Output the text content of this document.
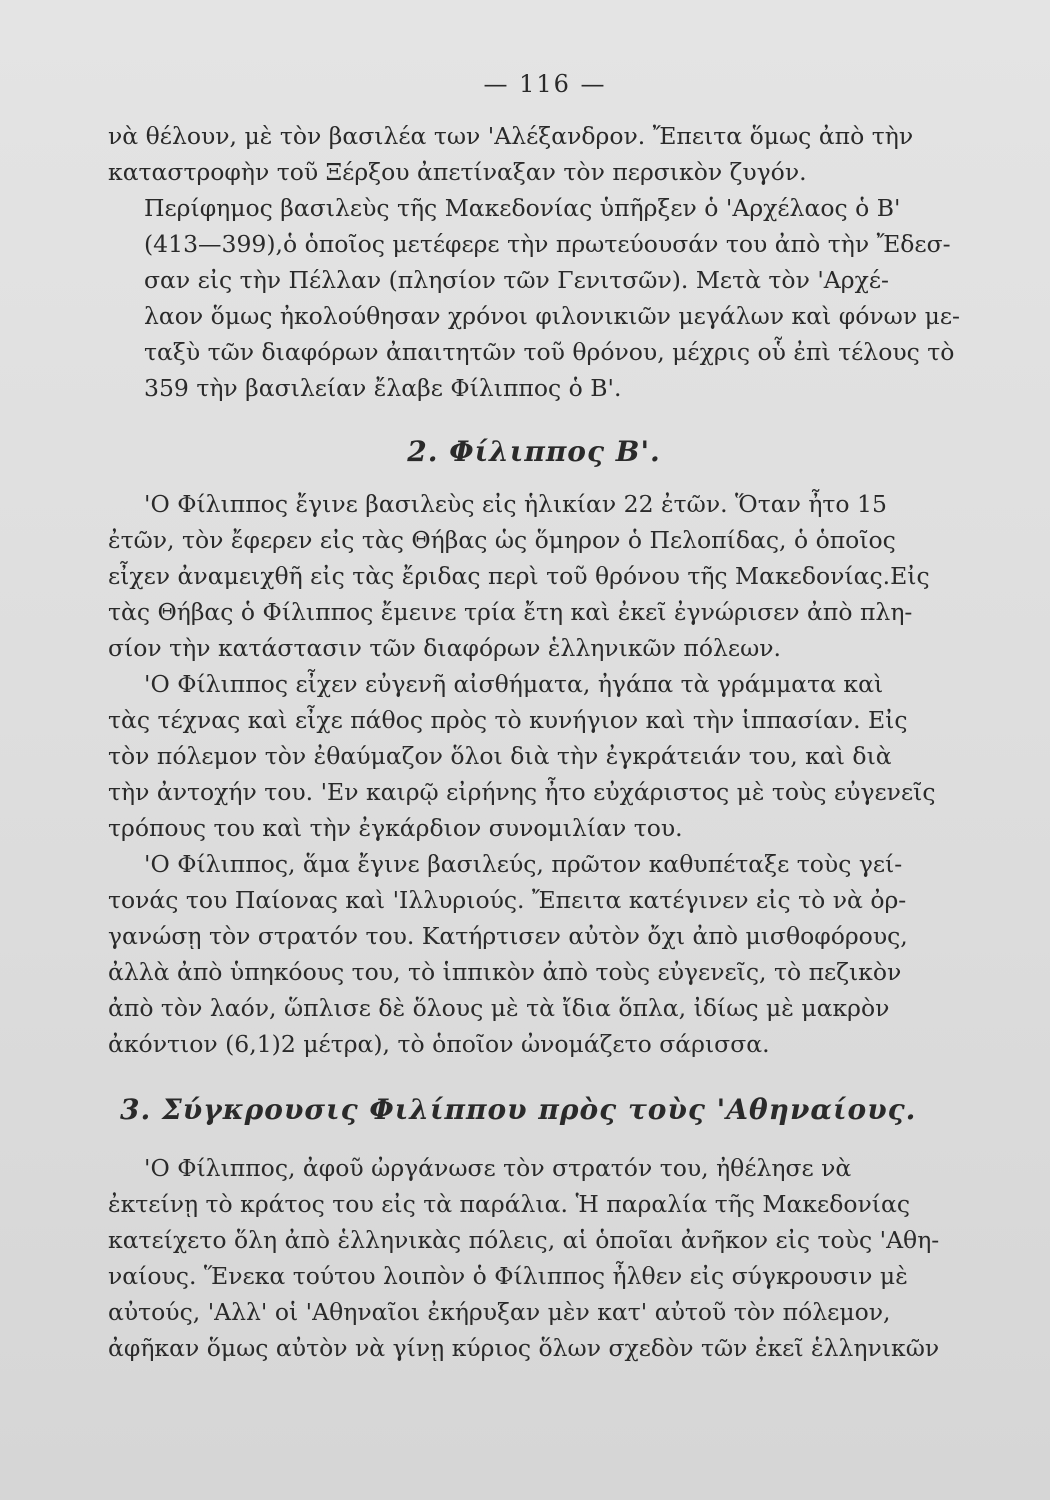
— 116 —

νὰ θέλουν, μὲ τὸν βασιλέα των 'Αλέξανδρον. Ἔπειτα ὅμως ἀπὸ τὴν
καταστροφὴν τοῦ Ξέρξου ἀπετίναξαν τὸν περσικὸν ζυγόν.

Περίφημος βασιλεὺς τῆς Μακεδονίας ὑπῆρξεν ὁ 'Αρχέλαος ὁ Β'
(413—399),ὁ ὁποῖος μετέφερε τὴν πρωτεύουσάν του ἀπὸ τὴν Ἔδεσ-
σαν εἰς τὴν Πέλλαν (πλησίον τῶν Γενιτσῶν). Μετὰ τὸν 'Αρχέ-
λαον ὅμως ἠκολούθησαν χρόνοι φιλονικιῶν μεγάλων καὶ φόνων με-
ταξὺ τῶν διαφόρων ἀπαιτητῶν τοῦ θρόνου, μέχρις οὗ ἐπὶ τέλους τὸ
359 τὴν βασιλείαν ἔλαβε Φίλιππος ὁ Β'.

2. Φίλιππος Β'.

'Ο Φίλιππος ἔγινε βασιλεὺς εἰς ἡλικίαν 22 ἐτῶν. Ὅταν ἦτο 15
ἐτῶν, τὸν ἔφερεν εἰς τὰς Θήβας ὡς ὅμηρον ὁ Πελοπίδας, ὁ ὁποῖος
εἶχεν ἀναμειχθῆ εἰς τὰς ἔριδας περὶ τοῦ θρόνου τῆς Μακεδονίας.Εἰς
τὰς Θήβας ὁ Φίλιππος ἔμεινε τρία ἔτη καὶ ἐκεῖ ἐγνώρισεν ἀπὸ πλη-
σίον τὴν κατάστασιν τῶν διαφόρων ἑλληνικῶν πόλεων.

'Ο Φίλιππος εἶχεν εὐγενῆ αἰσθήματα, ἠγάπα τὰ γράμματα καὶ
τὰς τέχνας καὶ εἶχε πάθος πρὸς τὸ κυνήγιον καὶ τὴν ἱππασίαν. Εἰς
τὸν πόλεμον τὸν ἐθαύμαζον ὅλοι διὰ τὴν ἐγκράτειάν του, καὶ διὰ
τὴν ἀντοχήν του. 'Εν καιρῷ εἰρήνης ἦτο εὐχάριστος μὲ τοὺς εὐγενεῖς
τρόπους του καὶ τὴν ἐγκάρδιον συνομιλίαν του.

'Ο Φίλιππος, ἅμα ἔγινε βασιλεύς, πρῶτον καθυπέταξε τοὺς γεί-
τονάς του Παίονας καὶ 'Ιλλυριούς. Ἔπειτα κατέγινεν εἰς τὸ νὰ ὀρ-
γανώσῃ τὸν στρατόν του. Κατήρτισεν αὐτὸν ὄχι ἀπὸ μισθοφόρους,
ἀλλὰ ἀπὸ ὑπηκόους του, τὸ ἱππικὸν ἀπὸ τοὺς εὐγενεῖς, τὸ πεζικὸν
ἀπὸ τὸν λαόν, ὥπλισε δὲ ὅλους μὲ τὰ ἴδια ὅπλα, ἰδίως μὲ μακρὸν
ἀκόντιον (6,1)2 μέτρα), τὸ ὁποῖον ὠνομάζετο σάρισσα.

3. Σύγκρουσις Φιλίππου πρὸς τοὺς 'Αθηναίους.

'Ο Φίλιππος, ἀφοῦ ὠργάνωσε τὸν στρατόν του, ἠθέλησε νὰ
ἐκτείνῃ τὸ κράτος του εἰς τὰ παράλια. Ἡ παραλία τῆς Μακεδονίας
κατείχετο ὅλη ἀπὸ ἑλληνικὰς πόλεις, αἱ ὁποῖαι ἀνῆκον εἰς τοὺς 'Αθη-
ναίους. Ἕνεκα τούτου λοιπὸν ὁ Φίλιππος ἦλθεν εἰς σύγκρουσιν μὲ
αὐτούς, 'Αλλ' οἱ 'Αθηναῖοι ἐκήρυξαν μὲν κατ' αὐτοῦ τὸν πόλεμον,
ἀφῆκαν ὅμως αὐτὸν νὰ γίνῃ κύριος ὅλων σχεδὸν τῶν ἐκεῖ ἑλληνικῶν
